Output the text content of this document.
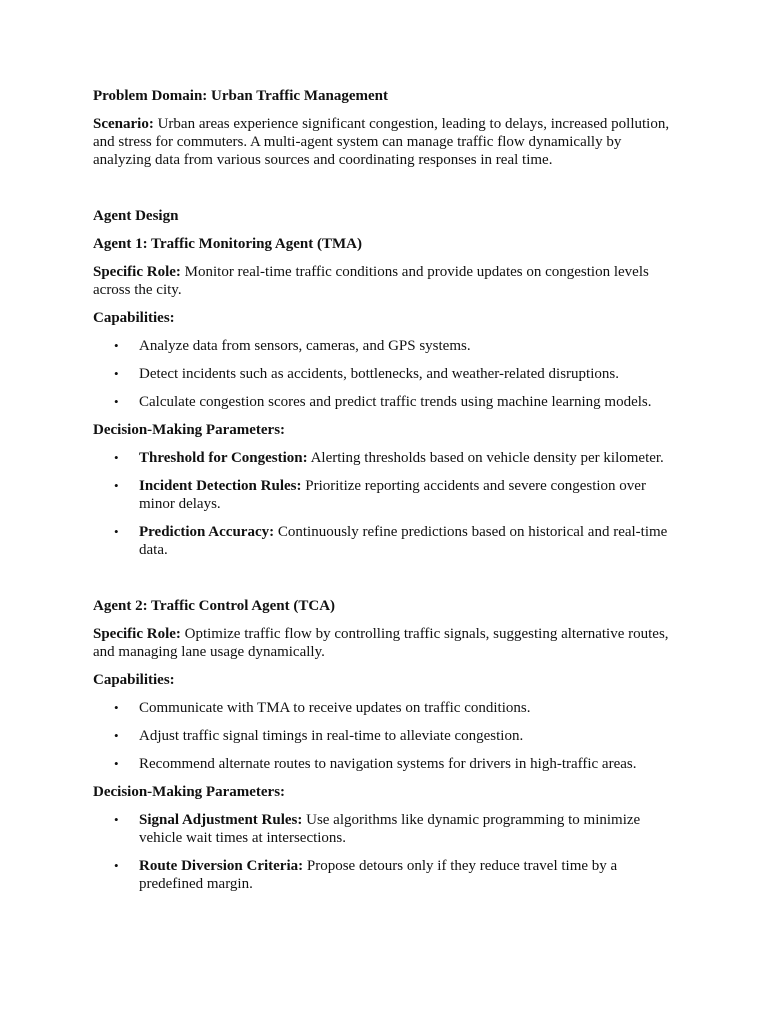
Problem Domain: Urban Traffic Management

Scenario: Urban areas experience significant congestion, leading to delays, increased pollution, and stress for commuters. A multi-agent system can manage traffic flow dynamically by analyzing data from various sources and coordinating responses in real time.

Agent Design

Agent 1: Traffic Monitoring Agent (TMA)

Specific Role: Monitor real-time traffic conditions and provide updates on congestion levels across the city.

Capabilities:

• Analyze data from sensors, cameras, and GPS systems.
• Detect incidents such as accidents, bottlenecks, and weather-related disruptions.
• Calculate congestion scores and predict traffic trends using machine learning models.

Decision-Making Parameters:

• Threshold for Congestion: Alerting thresholds based on vehicle density per kilometer.
• Incident Detection Rules: Prioritize reporting accidents and severe congestion over minor delays.
• Prediction Accuracy: Continuously refine predictions based on historical and real-time data.

Agent 2: Traffic Control Agent (TCA)

Specific Role: Optimize traffic flow by controlling traffic signals, suggesting alternative routes, and managing lane usage dynamically.

Capabilities:

• Communicate with TMA to receive updates on traffic conditions.
• Adjust traffic signal timings in real-time to alleviate congestion.
• Recommend alternate routes to navigation systems for drivers in high-traffic areas.

Decision-Making Parameters:

• Signal Adjustment Rules: Use algorithms like dynamic programming to minimize vehicle wait times at intersections.
• Route Diversion Criteria: Propose detours only if they reduce travel time by a predefined margin.
